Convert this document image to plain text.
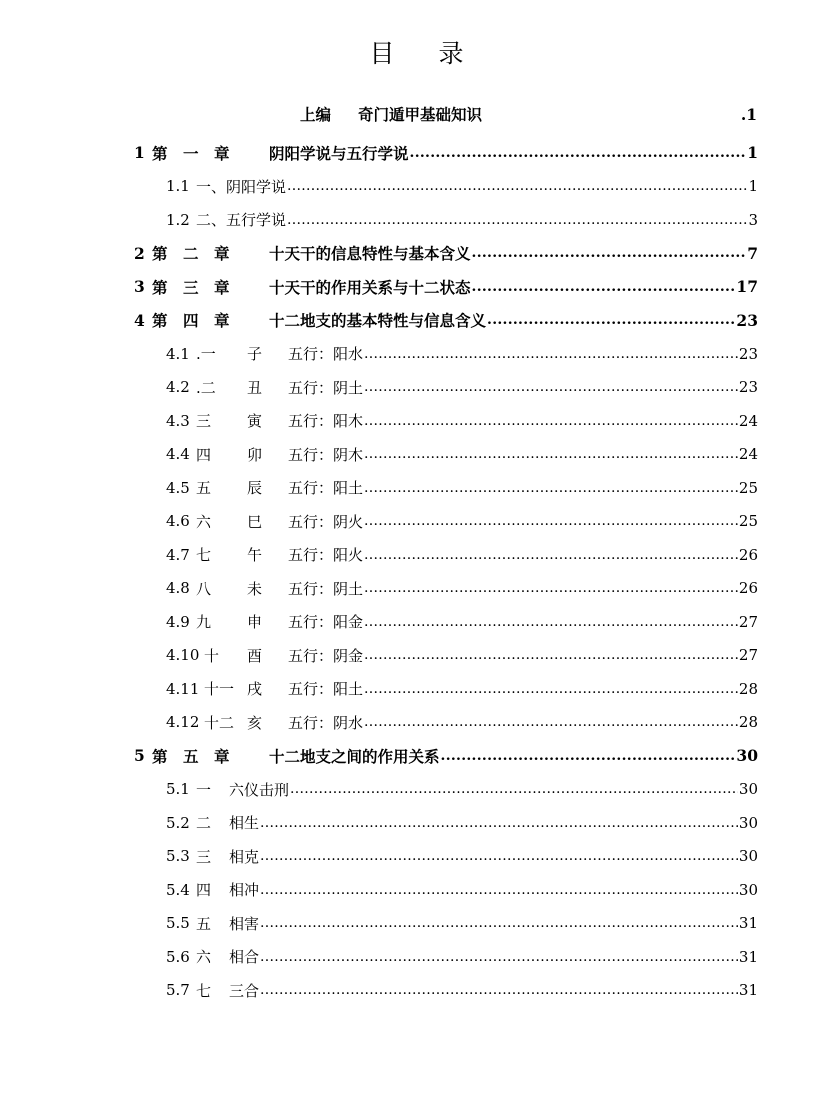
目录
上编	奇门遁甲基础知识	.1
1 第　一　章	阴阳学说与五行学说 .....	1
1.1 一、阴阳学说 .....	1
1.2 二、五行学说 .....	3
2 第　二　章	十天干的信息特性与基本含义 .....	7
3 第　三　章	十天干的作用关系与十二状态 .....	17
4 第　四　章	十二地支的基本特性与信息含义 .....	23
4.1 .一	子	五行：阳水 .....	23
4.2 .二	丑	五行：阴土 .....	23
4.3 三	寅	五行：阳木 .....	24
4.4 四	卯	五行：阴木 .....	24
4.5 五	辰	五行：阳土 .....	25
4.6 六	巳	五行：阴火 .....	25
4.7 七	午	五行：阳火 .....	26
4.8 八	未	五行：阴土 .....	26
4.9 九	申	五行：阳金 .....	27
4.10 十	酉	五行：阴金 .....	27
4.11 十一 戌	五行：阳土 .....	28
4.12 十二 亥	五行：阴水 .....	28
5 第　五　章	十二地支之间的作用关系 .....	30
5.1 一	六仪击刑 .....	30
5.2 二	相生 .....	30
5.3 三	相克 .....	30
5.4 四	相冲 .....	30
5.5 五	相害 .....	31
5.6 六	相合 .....	31
5.7 七	三合 .....	31
